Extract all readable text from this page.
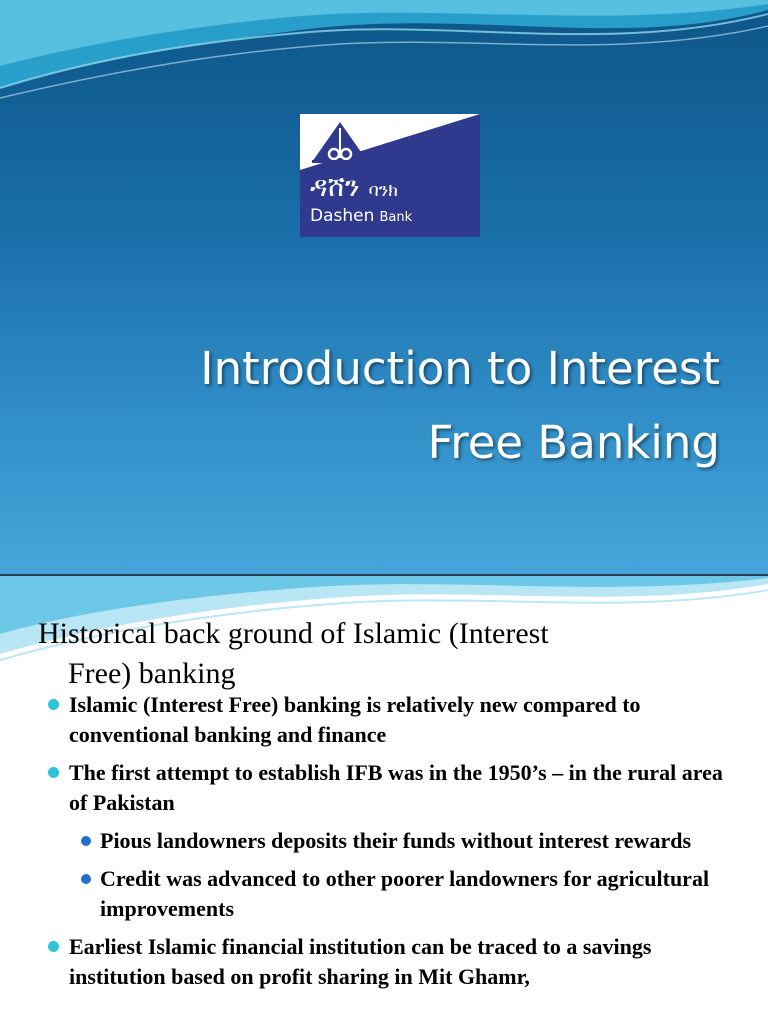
ዳሸን ባንክ
Dashen Bank
Introduction to Interest
Free Banking
Historical back ground of Islamic (Interest
Free) banking
Islamic (Interest Free) banking is relatively new compared to conventional banking and finance
The first attempt to establish IFB was in the 1950’s – in the rural area of Pakistan
Pious landowners deposits their funds without interest rewards
Credit was advanced to other poorer landowners for agricultural improvements
Earliest Islamic financial institution can be traced to a savings institution based on profit sharing in Mit Ghamr,
